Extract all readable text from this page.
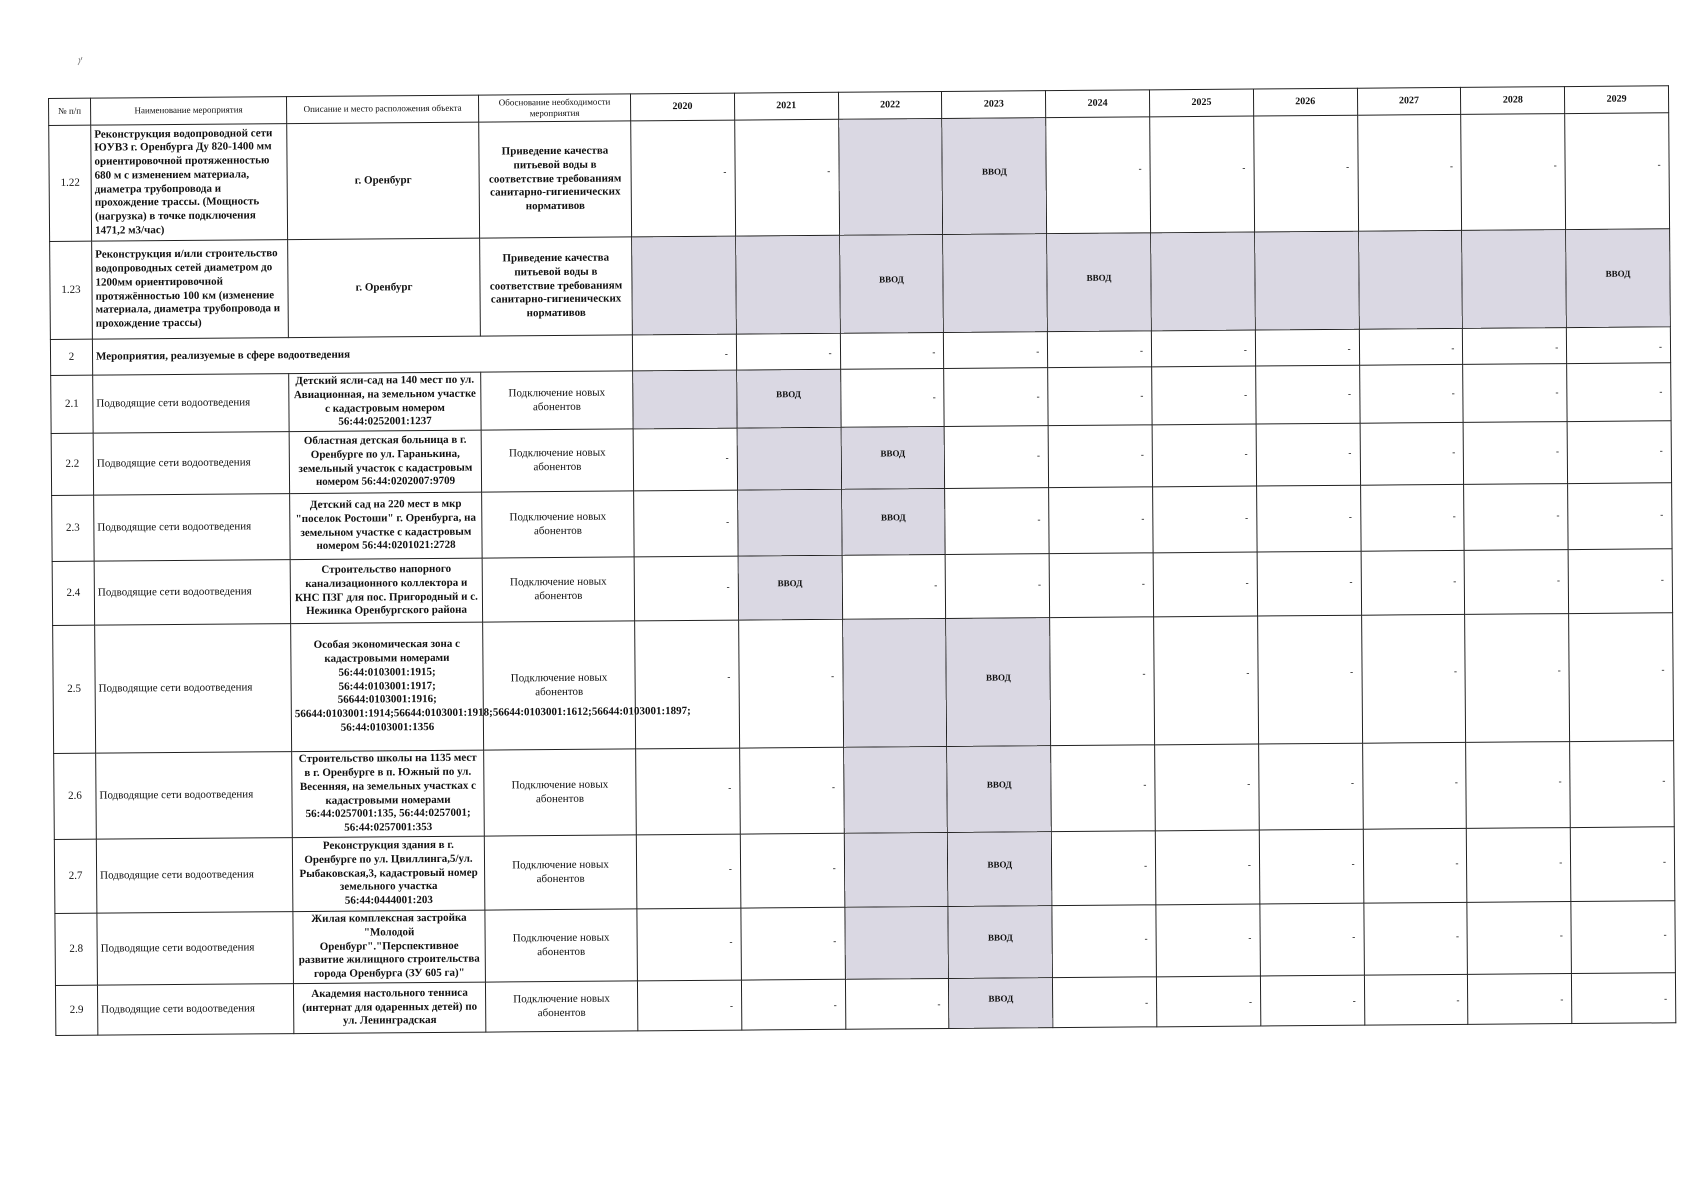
№ п/п	Наименование мероприятия	Описание и место расположения объекта	Обоснование необходимости мероприятия	2020	2021	2022	2023	2024	2025	2026	2027	2028	2029
1.22	Реконструкция водопроводной сети ЮУВЗ г. Оренбурга Ду 820-1400 мм ориентировочной протяженностью 680 м с изменением материала, диаметра трубопровода и прохождение трассы. (Мощность (нагрузка) в точке подключения 1471,2 м3/час)	г. Оренбург	Приведение качества питьевой воды в соответствие требованиям санитарно-гигиенических нормативов	-	-		ВВОД	-	-	-	-	-	-

1.23	Реконструкция и/или строительство водопроводных сетей диаметром до 1200мм ориентировочной протяжённостью 100 км (изменение материала, диаметра трубопровода и прохождение трассы)	г. Оренбург	Приведение качества питьевой воды в соответствие требованиям санитарно-гигиенических нормативов			ВВОД		ВВОД					ВВОД
2	Мероприятия, реализуемые в сфере водоотведения			-	-	-	-	-	-	-	-	-	-

2.1	Подводящие сети водоотведения	Детский ясли-сад на 140 мест по ул. Авиационная, на земельном участке с кадастровым номером 56:44:0252001:1237	Подключение новых абонентов		ВВОД	-	-	-	-	-	-	-	-

2.2	Подводящие сети водоотведения	Областная детская больница в г. Оренбурге по ул. Гаранькина, земельный участок с кадастровым номером 56:44:0202007:9709	Подключение новых абонентов	-		ВВОД	-	-	-	-	-	-	-

2.3	Подводящие сети водоотведения	Детский сад на 220 мест в мкр "поселок Ростоши" г. Оренбурга, на земельном участке с кадастровым номером 56:44:0201021:2728	Подключение новых абонентов	-		ВВОД	-	-	-	-	-	-	-

2.4	Подводящие сети водоотведения	Строительство напорного канализационного коллектора и КНС ПЗГ для пос. Пригородный и с. Нежинка Оренбургского района	Подключение новых абонентов	-	ВВОД	-	-	-	-	-	-	-	-

2.5	Подводящие сети водоотведения	Особая экономическая зона с кадастровыми номерами 56:44:0103001:1915; 56:44:0103001:1917; 56644:0103001:1916; 56644:0103001:1914;56644:0103001:1918;56644:0103001:1612;56644:0103001:1897; 56:44:0103001:1356	Подключение новых абонентов	-	-		ВВОД	-	-	-	-	-	-

2.6	Подводящие сети водоотведения	Строительство школы на 1135 мест в г. Оренбурге в п. Южный по ул. Весенняя, на земельных участках с кадастровыми номерами 56:44:0257001:135, 56:44:0257001; 56:44:0257001:353	Подключение новых абонентов	-	-		ВВОД	-	-	-	-	-	-

2.7	Подводящие сети водоотведения	Реконструкция здания в г. Оренбурге по ул. Цвиллинга,5/ул. Рыбаковская,3, кадастровый номер земельного участка 56:44:0444001:203	Подключение новых абонентов	-	-		ВВОД	-	-	-	-	-	-

2.8	Подводящие сети водоотведения	Жилая комплексная застройка "Молодой Оренбург"."Перспективное развитие жилищного строительства города Оренбурга (ЗУ 605 га)"	Подключение новых абонентов	-	-		ВВОД	-	-	-	-	-	-

2.9	Подводящие сети водоотведения	Академия настольного тенниса (интернат для одаренных детей) по ул. Ленинградская	Подключение новых абонентов	-	-	-	ВВОД	-	-	-	-	-	-
